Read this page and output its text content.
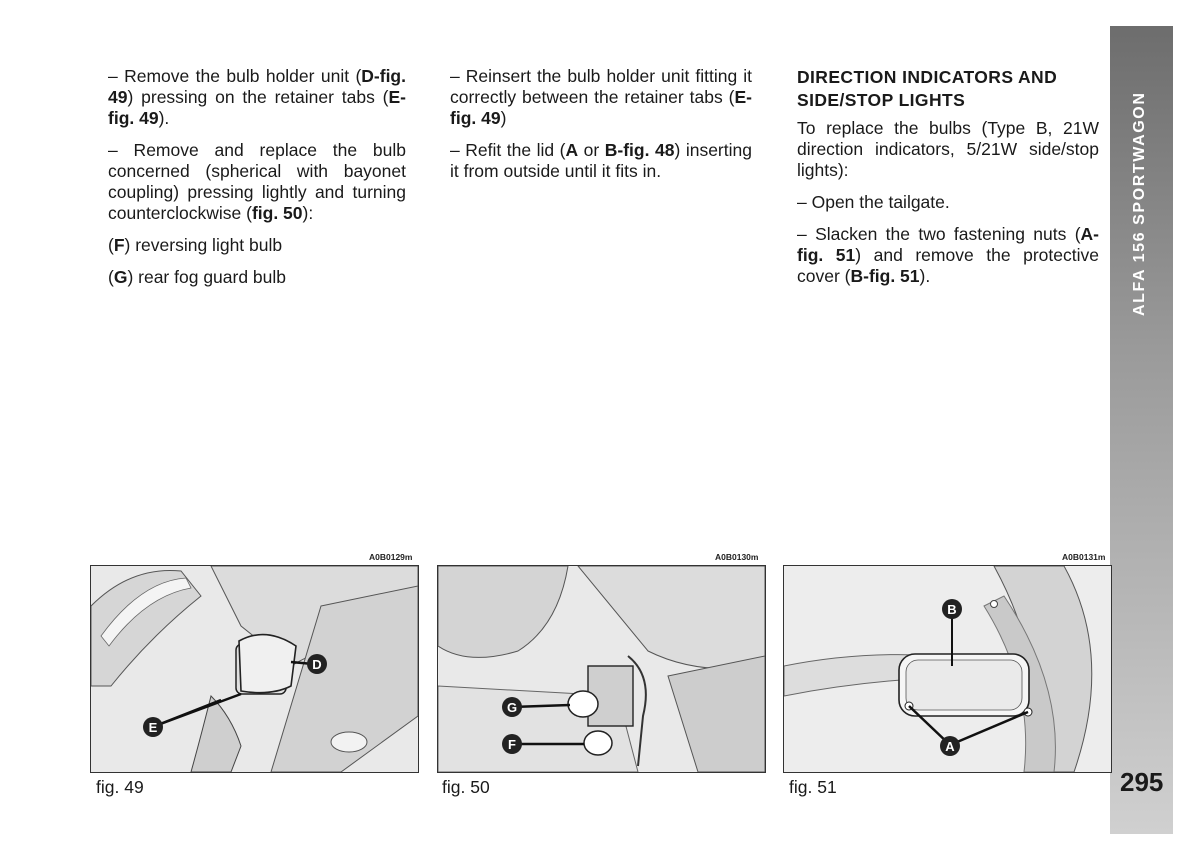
– Remove the bulb holder unit (D-fig. 49) pressing on the retainer tabs (E-fig. 49).

– Remove and replace the bulb concerned (spherical with bayonet coupling) pressing lightly and turning counterclockwise (fig. 50):

(F) reversing light bulb

(G) rear fog guard bulb

– Reinsert the bulb holder unit fitting it correctly between the retainer tabs (E-fig. 49)

– Refit the lid (A or B-fig. 48) inserting it from outside until it fits in.

DIRECTION INDICATORS AND
SIDE/STOP LIGHTS

To replace the bulbs (Type B, 21W direction indicators, 5/21W side/stop lights):

– Open the tailgate.

– Slacken the two fastening nuts (A-fig. 51) and remove the protective cover (B-fig. 51).	ALFA 156 SPORTWAGON
295
A0B0129m
D
E
fig. 49
A0B0130m
G
F
fig. 50
A0B0131m
B
A
fig. 51
